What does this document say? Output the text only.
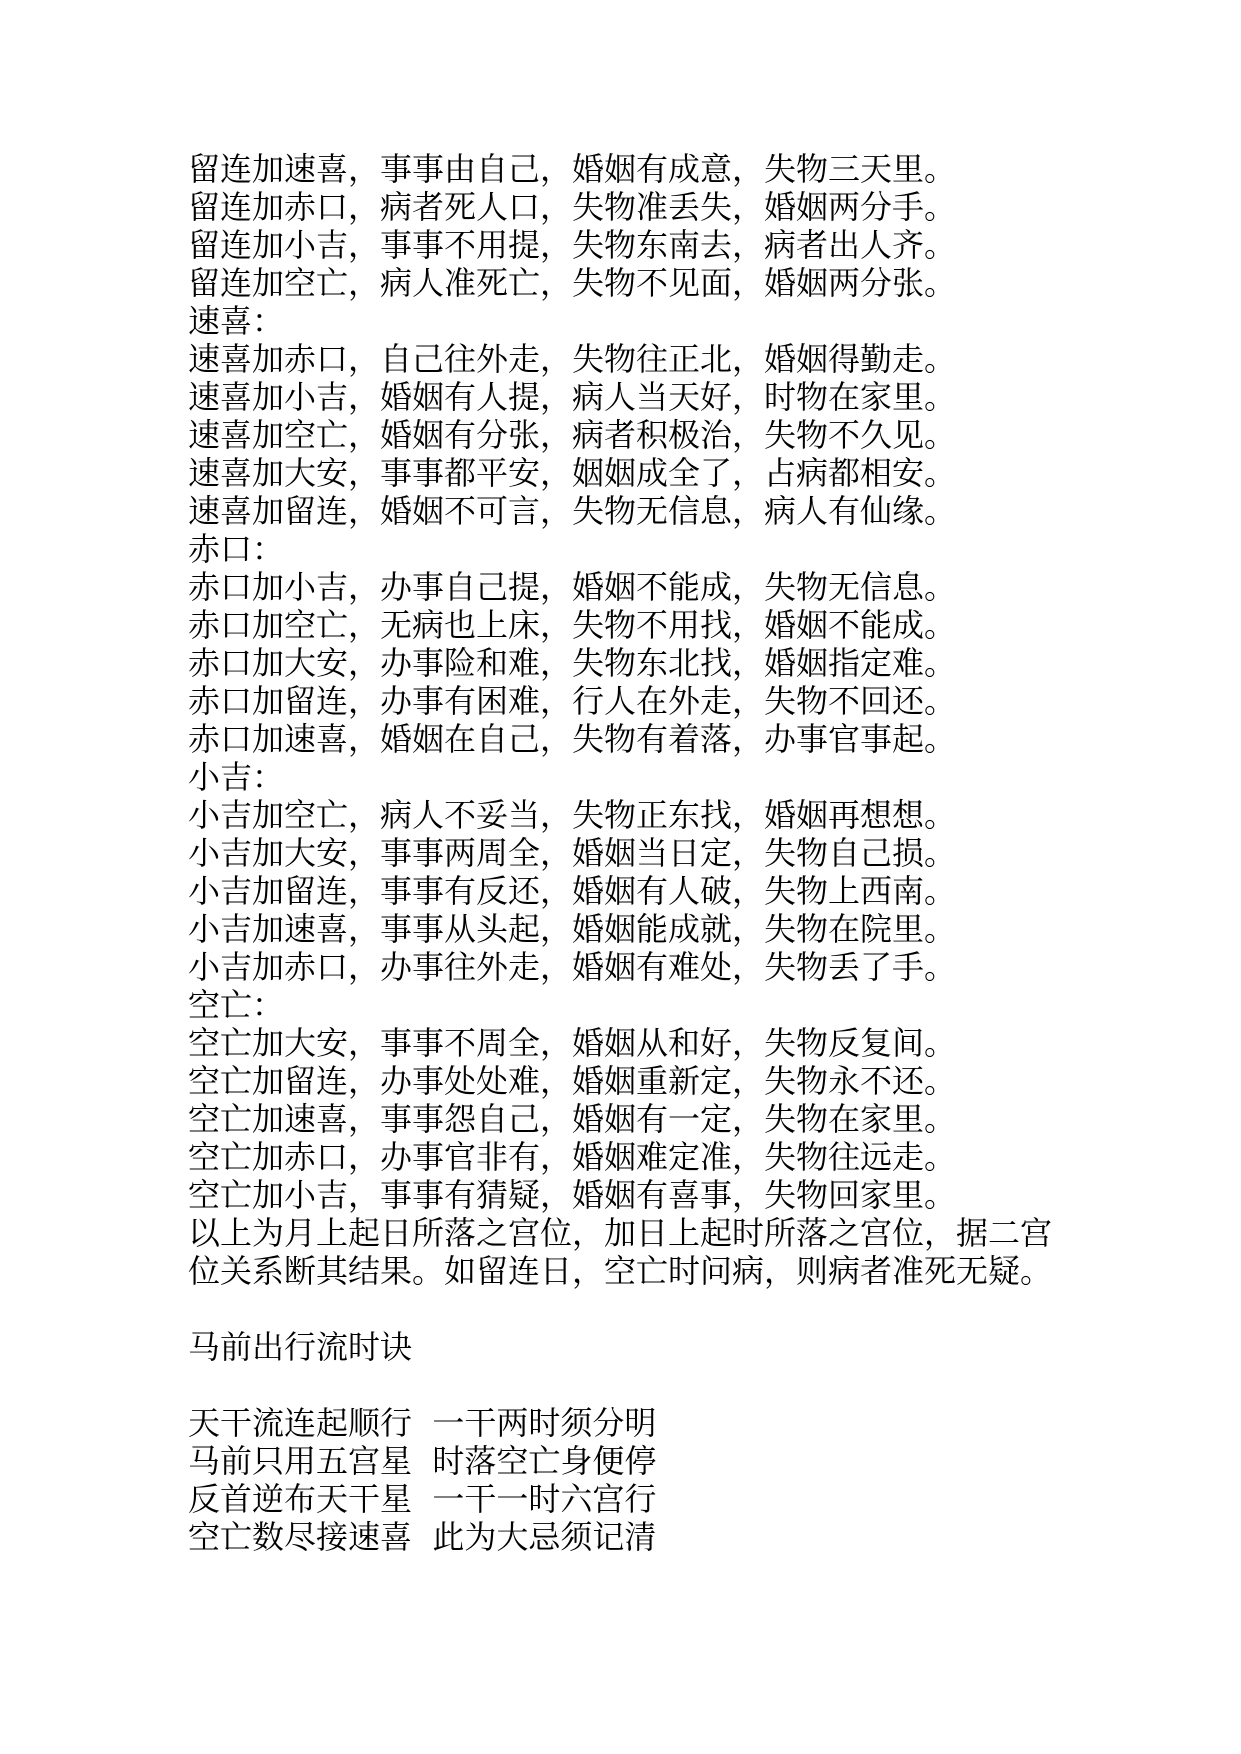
留连加速喜，事事由自己，婚姻有成意，失物三天里。
留连加赤口，病者死人口，失物准丢失，婚姻两分手。
留连加小吉，事事不用提，失物东南去，病者出人齐。
留连加空亡，病人准死亡，失物不见面，婚姻两分张。
速喜：
速喜加赤口，自己往外走，失物往正北，婚姻得勤走。
速喜加小吉，婚姻有人提，病人当天好，时物在家里。
速喜加空亡，婚姻有分张，病者积极治，失物不久见。
速喜加大安，事事都平安，姻姻成全了，占病都相安。
速喜加留连，婚姻不可言，失物无信息，病人有仙缘。
赤口：
赤口加小吉，办事自己提，婚姻不能成，失物无信息。
赤口加空亡，无病也上床，失物不用找，婚姻不能成。
赤口加大安，办事险和难，失物东北找，婚姻指定难。
赤口加留连，办事有困难，行人在外走，失物不回还。
赤口加速喜，婚姻在自己，失物有着落，办事官事起。
小吉：
小吉加空亡，病人不妥当，失物正东找，婚姻再想想。
小吉加大安，事事两周全，婚姻当日定，失物自己损。
小吉加留连，事事有反还，婚姻有人破，失物上西南。
小吉加速喜，事事从头起，婚姻能成就，失物在院里。
小吉加赤口，办事往外走，婚姻有难处，失物丢了手。
空亡：
空亡加大安，事事不周全，婚姻从和好，失物反复间。
空亡加留连，办事处处难，婚姻重新定，失物永不还。
空亡加速喜，事事怨自己，婚姻有一定，失物在家里。
空亡加赤口，办事官非有，婚姻难定准，失物往远走。
空亡加小吉，事事有猜疑，婚姻有喜事，失物回家里。
以上为月上起日所落之宫位，加日上起时所落之宫位，据二宫位关系断其结果。如留连日，空亡时问病，则病者准死无疑。
马前出行流时诀
天干流连起顺行  一干两时须分明
马前只用五宫星  时落空亡身便停
反首逆布天干星  一干一时六宫行
空亡数尽接速喜  此为大忌须记清
